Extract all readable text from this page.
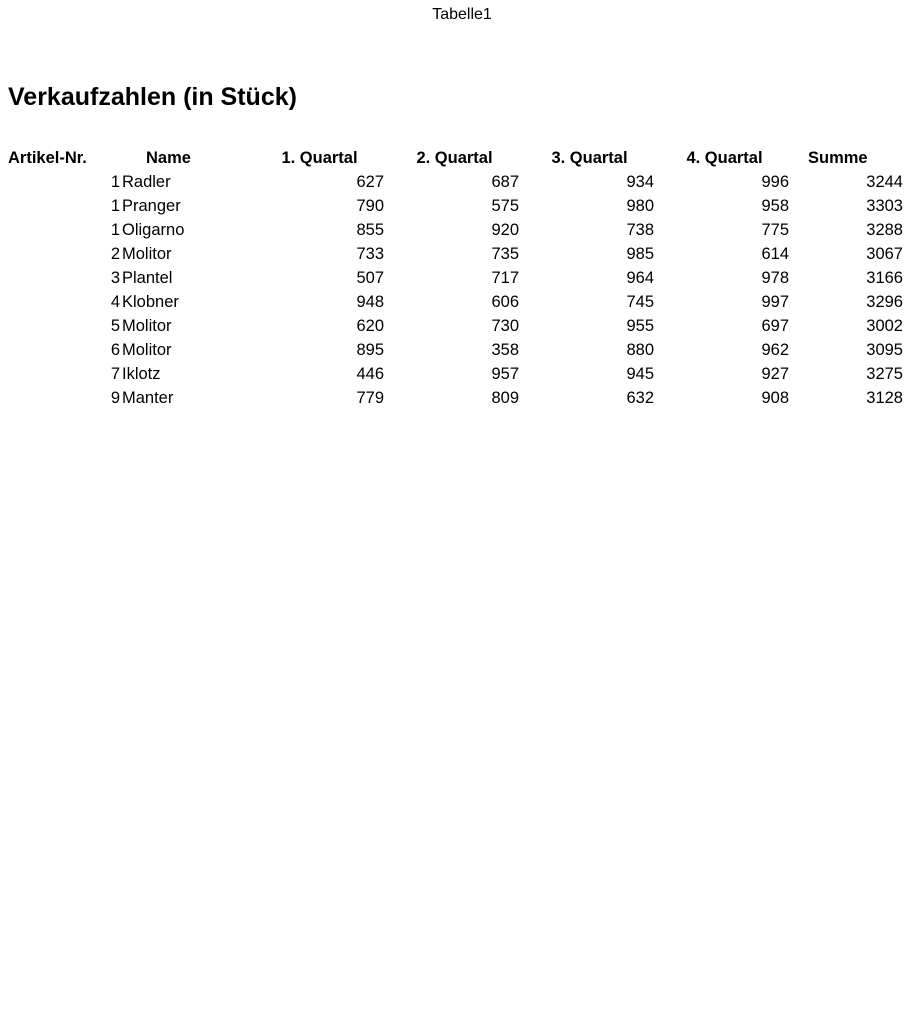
Tabelle1
Verkaufzahlen (in Stück)
Artikel-Nr.	Name	1. Quartal	2. Quartal	3. Quartal	4. Quartal	Summe
1	Radler	627	687	934	996	3244
1	Pranger	790	575	980	958	3303
1	Oligarno	855	920	738	775	3288
2	Molitor	733	735	985	614	3067
3	Plantel	507	717	964	978	3166
4	Klobner	948	606	745	997	3296
5	Molitor	620	730	955	697	3002
6	Molitor	895	358	880	962	3095
7	Iklotz	446	957	945	927	3275
9	Manter	779	809	632	908	3128
